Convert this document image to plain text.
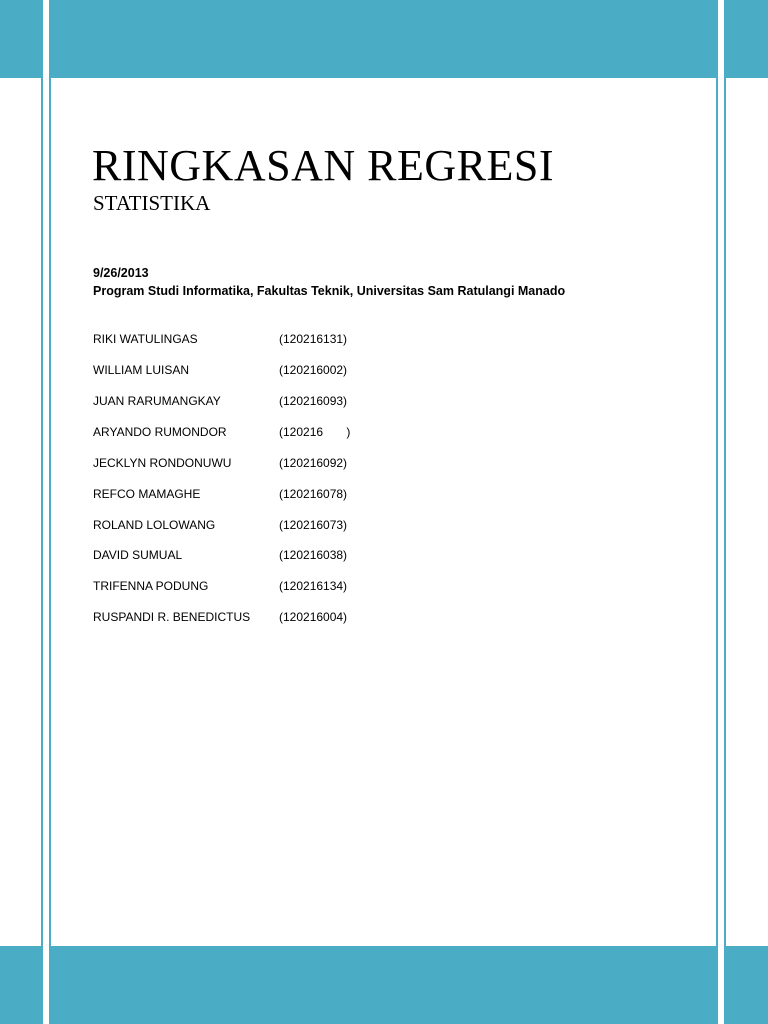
RINGKASAN REGRESI
STATISTIKA
9/26/2013
Program Studi Informatika, Fakultas Teknik, Universitas Sam Ratulangi Manado
RIKI WATULINGAS	(120216131)
WILLIAM LUISAN	(120216002)
JUAN RARUMANGKAY	(120216093)
ARYANDO RUMONDOR	(120216       )
JECKLYN RONDONUWU	(120216092)
REFCO MAMAGHE	(120216078)
ROLAND LOLOWANG	(120216073)
DAVID SUMUAL	(120216038)
TRIFENNA PODUNG	(120216134)
RUSPANDI R. BENEDICTUS (120216004)
